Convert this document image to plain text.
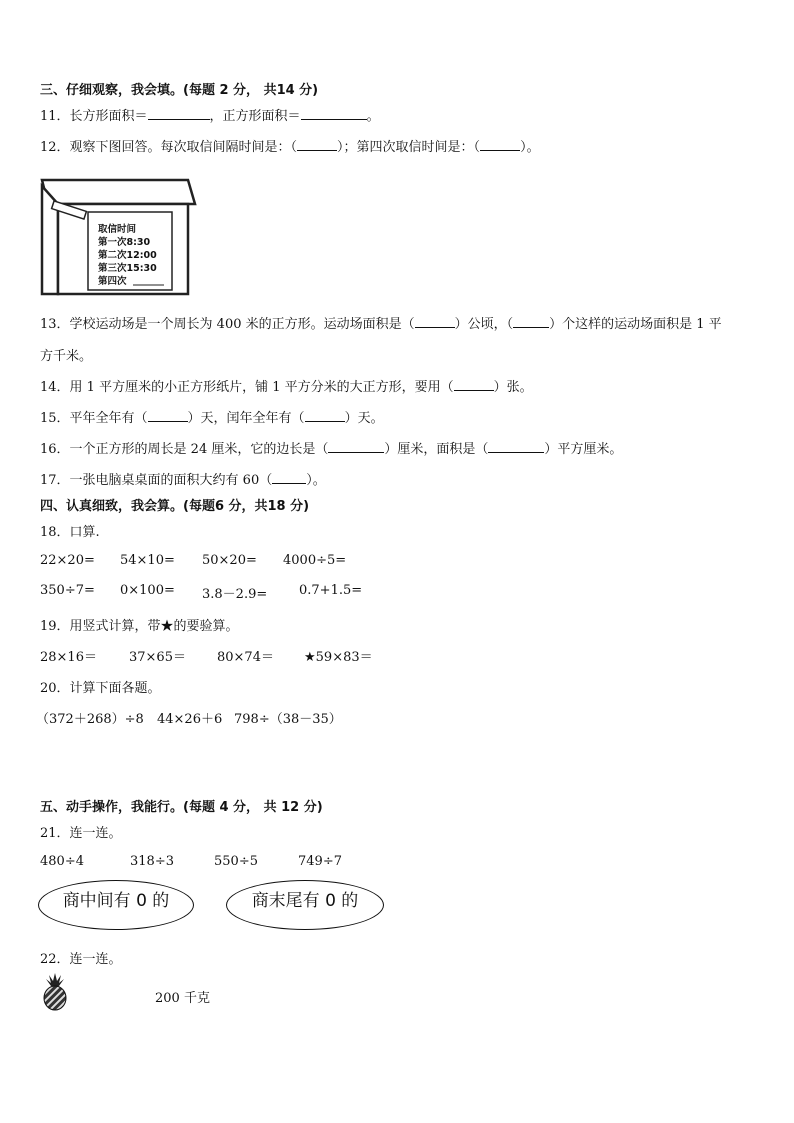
三、仔细观察，我会填。(每题 2 分， 共14 分)
11．长方形面积＝	，正方形面积＝	。
12．观察下图回答。每次取信间隔时间是：（	）；第四次取信时间是：（	）。
取信时间
第一次8:30
第二次12:00
第三次15:30
第四次
13．学校运动场是一个周长为 400 米的正方形。运动场面积是（	）公顷，（	）个这样的运动场面积是 1 平
方千米。
14．用 1 平方厘米的小正方形纸片，铺 1 平方分米的大正方形，要用（	）张。
15．平年全年有（	）天，闰年全年有（	）天。
16．一个正方形的周长是 24 厘米，它的边长是（	）厘米，面积是（	）平方厘米。
17．一张电脑桌桌面的面积大约有 60（	）。
四、认真细致，我会算。(每题6 分，共18 分)
18．口算.
22×20= 54×10= 50×20= 4000÷5=
350÷7= 0×100= 3.8－2.9= 0.7+1.5=
19．用竖式计算，带★的要验算。
28×16＝ 37×65＝ 80×74＝ ★59×83＝
20．计算下面各题。
（372＋268）÷8 44×26＋6 798÷（38－35）
五、动手操作，我能行。(每题 4 分， 共 12 分)
21．连一连。
480÷4	318÷3	550÷5	749÷7
商中间有 0 的	商末尾有 0 的
22．连一连。
200 千克
